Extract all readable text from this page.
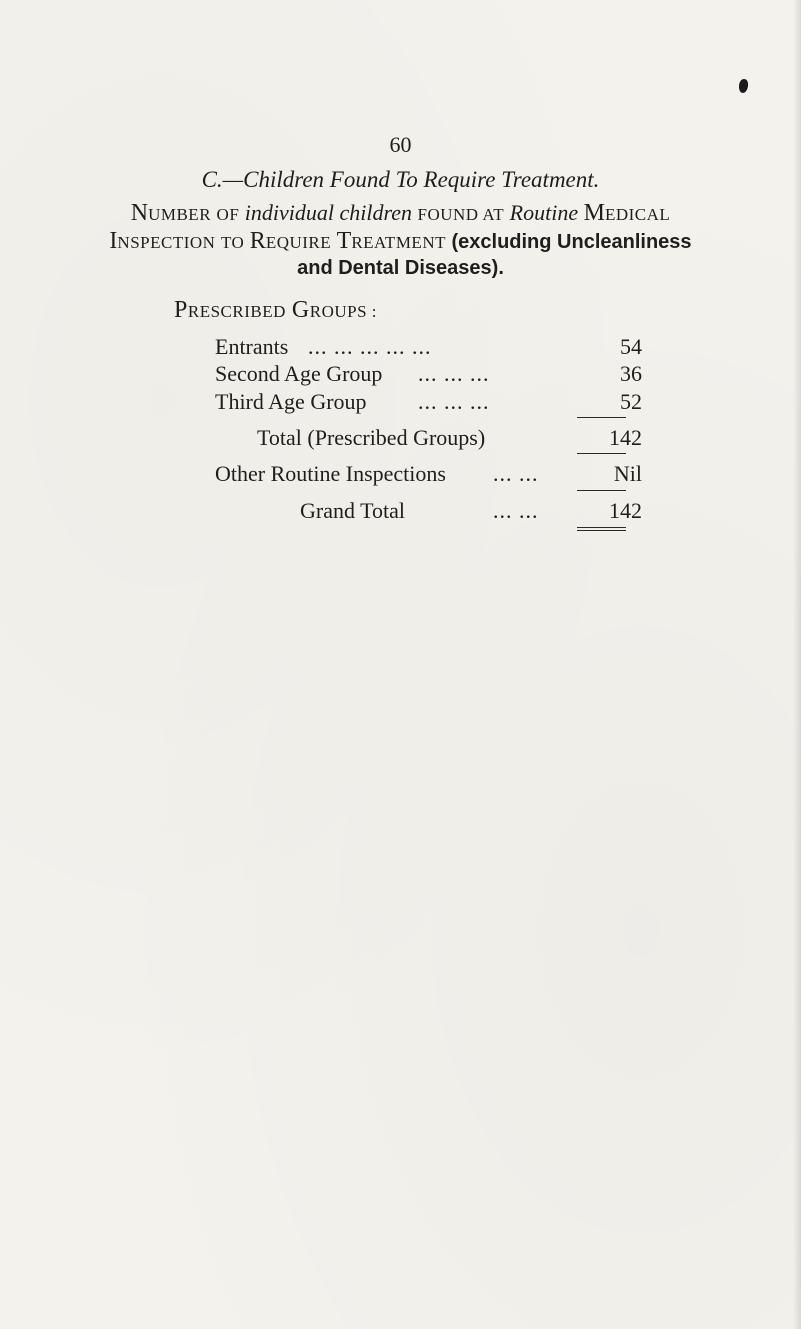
60
C.—Children Found To Require Treatment.
NUMBER OF individual children FOUND AT Routine MEDICAL
INSPECTION TO REQUIRE TREATMENT (excluding Uncleanliness
and Dental Diseases).
PRESCRIBED GROUPS :
Entrants ... ... ... ... ...	54
Second Age Group ... ... ...	36
Third Age Group ... ... ...	52
Total (Prescribed Groups)	142
Other Routine Inspections ... ...	Nil
Grand Total	... ...	142
